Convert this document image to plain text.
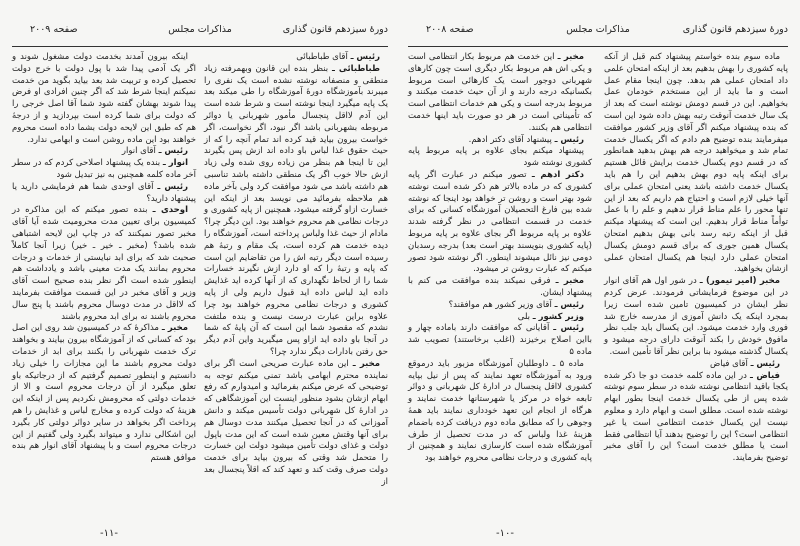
صفحه ۲۰۰۹	مذاکرات مجلس	دورهٔ سیزدهم قانون گذاری

رئیس ـ آقای طباطبائی

طباطبائی ـ بنظر بنده این قانون وبهمرفته زیاد منطقی و منصفانه نوشته نشده است یک نفری را میبرند بآموزشگاه دورهٔ آموزشگاه را طی میکند بعد یک پایه میگیرد اینجا نوشته است و شرط شده است این آدم لااقل پنجسال مأمور شهربانی یا دوائر مربوطه بشهربانی باشد اگر نبود، اگر نخواست، اگر خواست بیرون بیاید قید کرده اند تمام آنچه را که از حیث حقوق غذا لباس باو داده اند ازش پس بگیرند این تا اینجا هم بنظر من زیاده روی شده ولی زیاد ازش حالا خوب اگر یک منطقی داشته باشد تناسبی هم داشته باشد می شود موافقت کرد ولی بآخر ماده هم ملاحظه بفرمائید می نویسد بعد از اینکه این خسارت ازاو گرفته میشود، همچنین از پایه کشوری و درجات نظامی هم محروم خواهند بود. این دیگر چرا؟ مادام از حیث غذا ولباس پرداخته است، آموزشگاه را دیده خدمت هم کرده است، یک مقام و رتبهٔ هم رسیده است دیگر رتبه اش را من تقاضایم این است که پایه و رتبهٔ را که او دارد ازش نگیرند خسارات شما را از لحاظ نگهداری که از آنها کرده اید غذایش داده اید لباس داده اید قبول داریم ولی از پایه کشوری و درجات نظامی محروم خواهند بود چرا علاوه براین عبارت درست نیست و بنده ملتفت نشدم که مقصود شما این است که آن پایهٔ که شما در آنجا باو داده اید ازاو پس میگیرید واین آدم دیگر حق رفتن بادارات دیگر ندارد چرا؟

مخبر ـ این ماده عبارت صریحی است اگر برای نماینده محترم ابهامی باشد تمنی میکنم توجه به توضیحی که عرض میکنم بفرمائید و امیدوارم که رفع ابهام ازشان بشود منظور اینست این آموزشگاهی که در ادارهٔ کل شهربانی دولت تأسیس میکند و دانش آموزانی که در آنجا تحصیل میکنند مدت دوسال هم برای آنها وقتش معین شده است که این مدت باپول دولت و غذای دولت تأمین میشود دولت این خسارت را متحمل شد وقتی که بیرون بیاید برای خدمت دولت صرف وقت کند و تعهد کند که اقلاً پنجسال بعد از

اینکه بیرون آمدند بخدمت دولت مشغول شوند و اگر یک آدمی پیدا شد با پول دولت با خرج دولت تحصیل کرده و تربیت شد بعد بیاید بگوید من خدمت نمیکنم اینجا شرط شد که اگر چنین افرادی او فرض پیدا شوند بهشان گفته شود شما آقا اصل خرجی را که دولت برای شما کرده است بپردازید و از درجهٔ هم که طبق این لایحه دولت بشما داده است محروم خواهند بود این ماده روشن است و ابهامی ندارد.

رئیس ـ آقای انوار

انوار ـ بنده یک پیشنهاد اصلاحی کردم که در سطر آخر ماده کلمه همچنین به نیز تبدیل شود

رئیس ـ آقای اوحدی شما هم فرمایشی دارید یا پیشنهاد دارید؟

اوحدی ـ بنده تصور میکنم که این مذاکره در کمیسیون برای تعیین مدت محرومیت شده آیا آقای مخبر تصور نمیکنند که در چاپ این لایحه اشتباهی شده باشد؟ (مخبر ـ خیر ـ خیر) زیرا آنجا کاملاً صحبت شد که برای ابد نبایستی از خدمات و درجات محروم بمانند یک مدت معینی باشد و یادداشت هم اینطور شده است اگر نظر بنده صحیح است آقای وزیر و آقای مخبر در این قسمت موافقت بفرمایند که لااقل در مدت دوسال محروم باشند یا پنج سال محروم باشند نه برای ابد محروم باشند

مخبر ـ مذاکرهٔ که در کمیسیون شد روی این اصل بود که کسانی که از آموزشگاه بیرون بیایند و بخواهند ترک خدمت شهربانی را بکنند برای ابد از خدمات دولت محروم باشند ما این مجازات را خیلی زیاد دانستیم و اینطور تصمیم گرفتیم که از درجاتیکه باو تعلق میگیرد از آن درجات محروم است و الا از خدمات دولتی که محرومش نکردیم پس از اینکه این هزینهٔ که دولت کرده و مخارج لباس و غذایش را هم پرداخت اگر بخواهد در سایر دوائر دولتی کار بگیرد این اشکالی ندارد و میتواند بگیرد ولی گفتیم از این درجات محروم است و با پیشنهاد آقای انوار هم بنده موافق هستم

-۱۱-
صفحه ۲۰۰۸	مذاکرات مجلس	دورهٔ سیزدهم قانون گذاری

ماده سوم بنده خواستم پیشنهاد کنم قبل از آنکه پایه کشوری را بهش بدهیم بعد از اینکه امتحان علمی داد امتحان عملی هم بدهد. چون اینجا مقام عمل است و ما باید از این مستخدم خودمان عمل بخواهیم. این در قسم دومش نوشته است که بعد از یک سال خدمت آنوقت رتبه بهش داده شود این است که بنده پیشنهاد میکنم اگر آقای وزیر کشور موافقت میفرمایند بنده توضیح هم دادم که اگر یکسال خدمت تمام شد و میخواهید درجه هم بهش بدهید همانطور که در قسم دوم یکسال خدمت برایش قائل هستیم برای اینکه پایه دوم بهش بدهیم این را هم باید یکسال خدمت داشته باشد یعنی امتحان عملی برای آنها خیلی لازم است و احتیاج هم داریم که بعد از این تنها محور را علم مناط قرار ندهیم و علم را با عمل توأماً مناط قرار بدهیم. این است که پیشنهاد میکنم قبل از اینکه رتبه رسد بانی بهش بدهیم امتحان یکسال همین جوری که برای قسم دومش یکسال امتحان عملی دارد اینجا هم یکسال امتحان عملی ازشان بخواهید.

مخبر (امیر تیمور) ـ در شور اول هم آقای انوار در این موضوع فرمایشاتی فرمودند. عرض کردم نظر ایشان در کمیسیون تامین شده است زیرا بمجرد اینکه یک دانش آموزی از مدرسه خارج شد فوری وارد خدمت میشود. این یکسال باید جلب نظر مافوق خودش را بکند آنوقت دارای درجه میشود و یکسال گذشته میشود بنا براین نظر آقا تأمین است.

رئیس ـ آقای فیاض

فیاض ـ در این ماده کلمه خدمت دو جا ذکر شده یکجا باقید انتظامی نوشته شده در سطر سوم نوشته شده پس از طی یکسال خدمت اینجا بطور ابهام نوشته شده است. مطلق است و ابهام دارد و معلوم نیست این یکسال خدمت انتظامی است یا غیر انتظامی است؟ این را توضیح بدهند آیا انتظامی فقط است یا مطلق خدمت است؟ این را آقای مخبر توضیح بفرمایند.

مخبر ـ این خدمت هم مربوط بکار انتظامی است و یکی اش هم مربوط بکار دیگری است چون کارهای شهربانی دوجور است یک کارهائی است مربوط بکسانیکه درجه دارند و از آن حیث خدمت میکنند و مربوط بدرجه است و یکی هم خدمات انتظامی است که تأمیناتی است در هر دو صورت باید اینها خدمت انتظامی هم بکنند.

رئیس ـ پیشنهاد آقای دکتر ادهم.

پیشنهاد میکنم بجای علاوه بر پایه مربوط پایه کشوری نوشته شود

دکتر ادهم ـ تصور میکنم در عبارت اگر پایه کشوری که در ماده بالاتر هم ذکر شده است نوشته شود بهتر است و روشن تر خواهد بود اینجا که نوشته شده بین فارغ التحصیلان آموزشگاه کسانی که برای خدمت در قسمت انتظامی در نظر گرفته شدند علاوه بر پایه مربوط اگر بجای علاوه بر پایه مربوط (پایه کشوری بنویسند بهتر است بعد) بدرجه رسدبان دومی نیز نائل میشوند اینطور. اگر نوشته شود تصور میکنم که عبارت روشن تر میشود.

مخبر ـ فرقی نمیکند بنده موافقت می کنم با پیشنهاد ایشان.

رئیس ـ آقای وزیر کشور هم موافقند؟

وزیر کشور ـ بلی

رئیس ـ آقایانی که موافقت دارند باماده چهار و بااین اصلاح برخیزند (اغلب برخاستند) تصویب شد ماده ۵

ماده ۵ ـ داوطلبان آموزشگاه مزبور باید درموقع ورود به آموزشگاه تعهد نمایند که پس از نیل بپایه کشوری لااقل پنجسال در ادارهٔ کل شهربانی و دوائر تابعه خواه در مرکز یا شهرستانها خدمت نمایند و هرگاه از انجام این تعهد خودداری نمایند باید همهٔ وجوهی را که مطابق ماده دوم دریافت کرده باضمام هزینهٔ غذا ولباس که در مدت تحصیل از طرف آموزشگاه شده است کارسازی نمایند و همچنین از پایه کشوری و درجات نظامی محروم خواهند بود

-۱۰-
